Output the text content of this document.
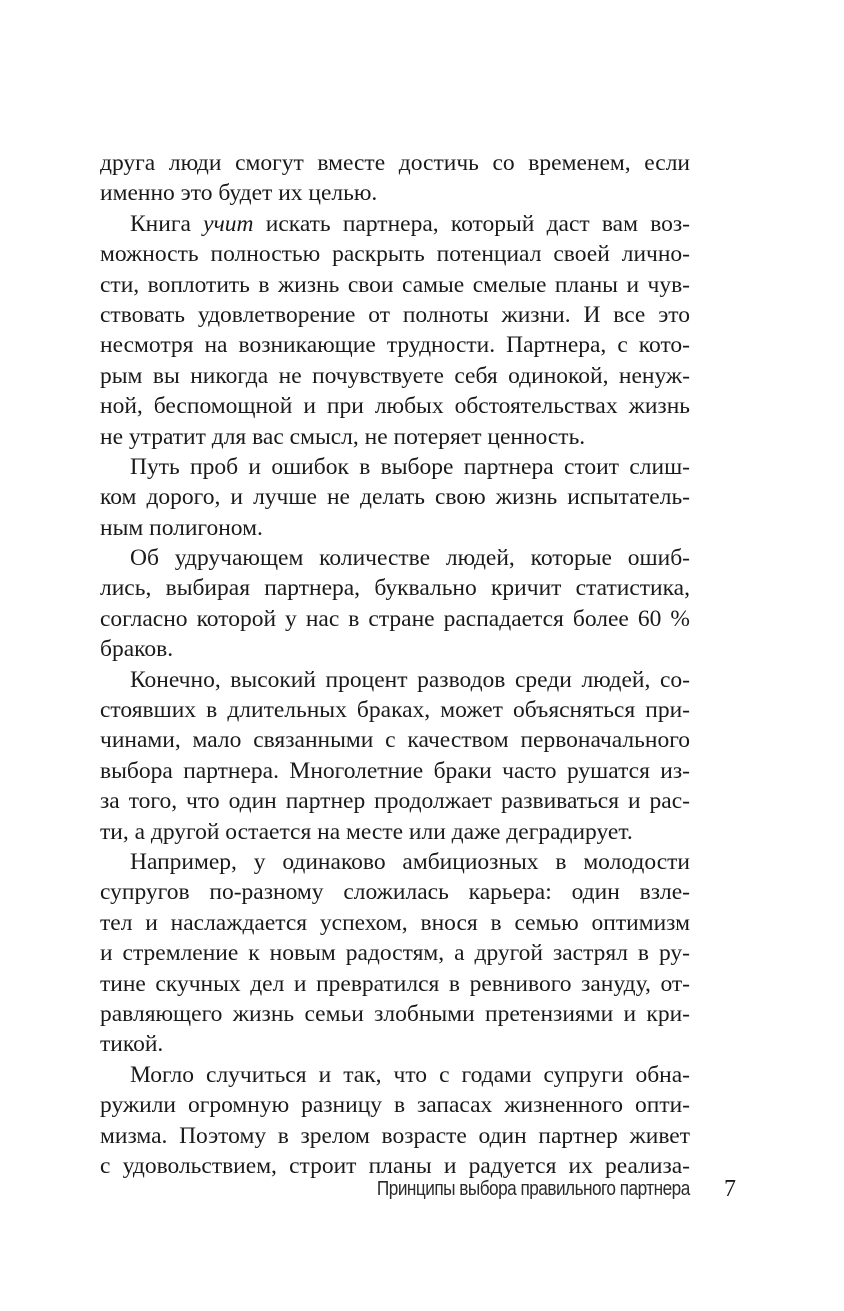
друга люди смогут вместе достичь со временем, если
именно это будет их целью.
Книга учит искать партнера, который даст вам воз-
можность полностью раскрыть потенциал своей лично-
сти, воплотить в жизнь свои самые смелые планы и чув-
ствовать удовлетворение от полноты жизни. И все это
несмотря на возникающие трудности. Партнера, с кото-
рым вы никогда не почувствуете себя одинокой, ненуж-
ной, беспомощной и при любых обстоятельствах жизнь
не утратит для вас смысл, не потеряет ценность.
Путь проб и ошибок в выборе партнера стоит слиш-
ком дорого, и лучше не делать свою жизнь испытатель-
ным полигоном.
Об удручающем количестве людей, которые ошиб-
лись, выбирая партнера, буквально кричит статистика,
согласно которой у нас в стране распадается более 60 %
браков.
Конечно, высокий процент разводов среди людей, со-
стоявших в длительных браках, может объясняться при-
чинами, мало связанными с качеством первоначального
выбора партнера. Многолетние браки часто рушатся из-
за того, что один партнер продолжает развиваться и рас-
ти, а другой остается на месте или даже деградирует.
Например, у одинаково амбициозных в молодости
супругов по-разному сложилась карьера: один взле-
тел и наслаждается успехом, внося в семью оптимизм
и стремление к новым радостям, а другой застрял в ру-
тине скучных дел и превратился в ревнивого зануду, от-
равляющего жизнь семьи злобными претензиями и кри-
тикой.
Могло случиться и так, что с годами супруги обна-
ружили огромную разницу в запасах жизненного опти-
мизма. Поэтому в зрелом возрасте один партнер живет
с удовольствием, строит планы и радуется их реализа-
Принципы выбора правильного партнера 7
